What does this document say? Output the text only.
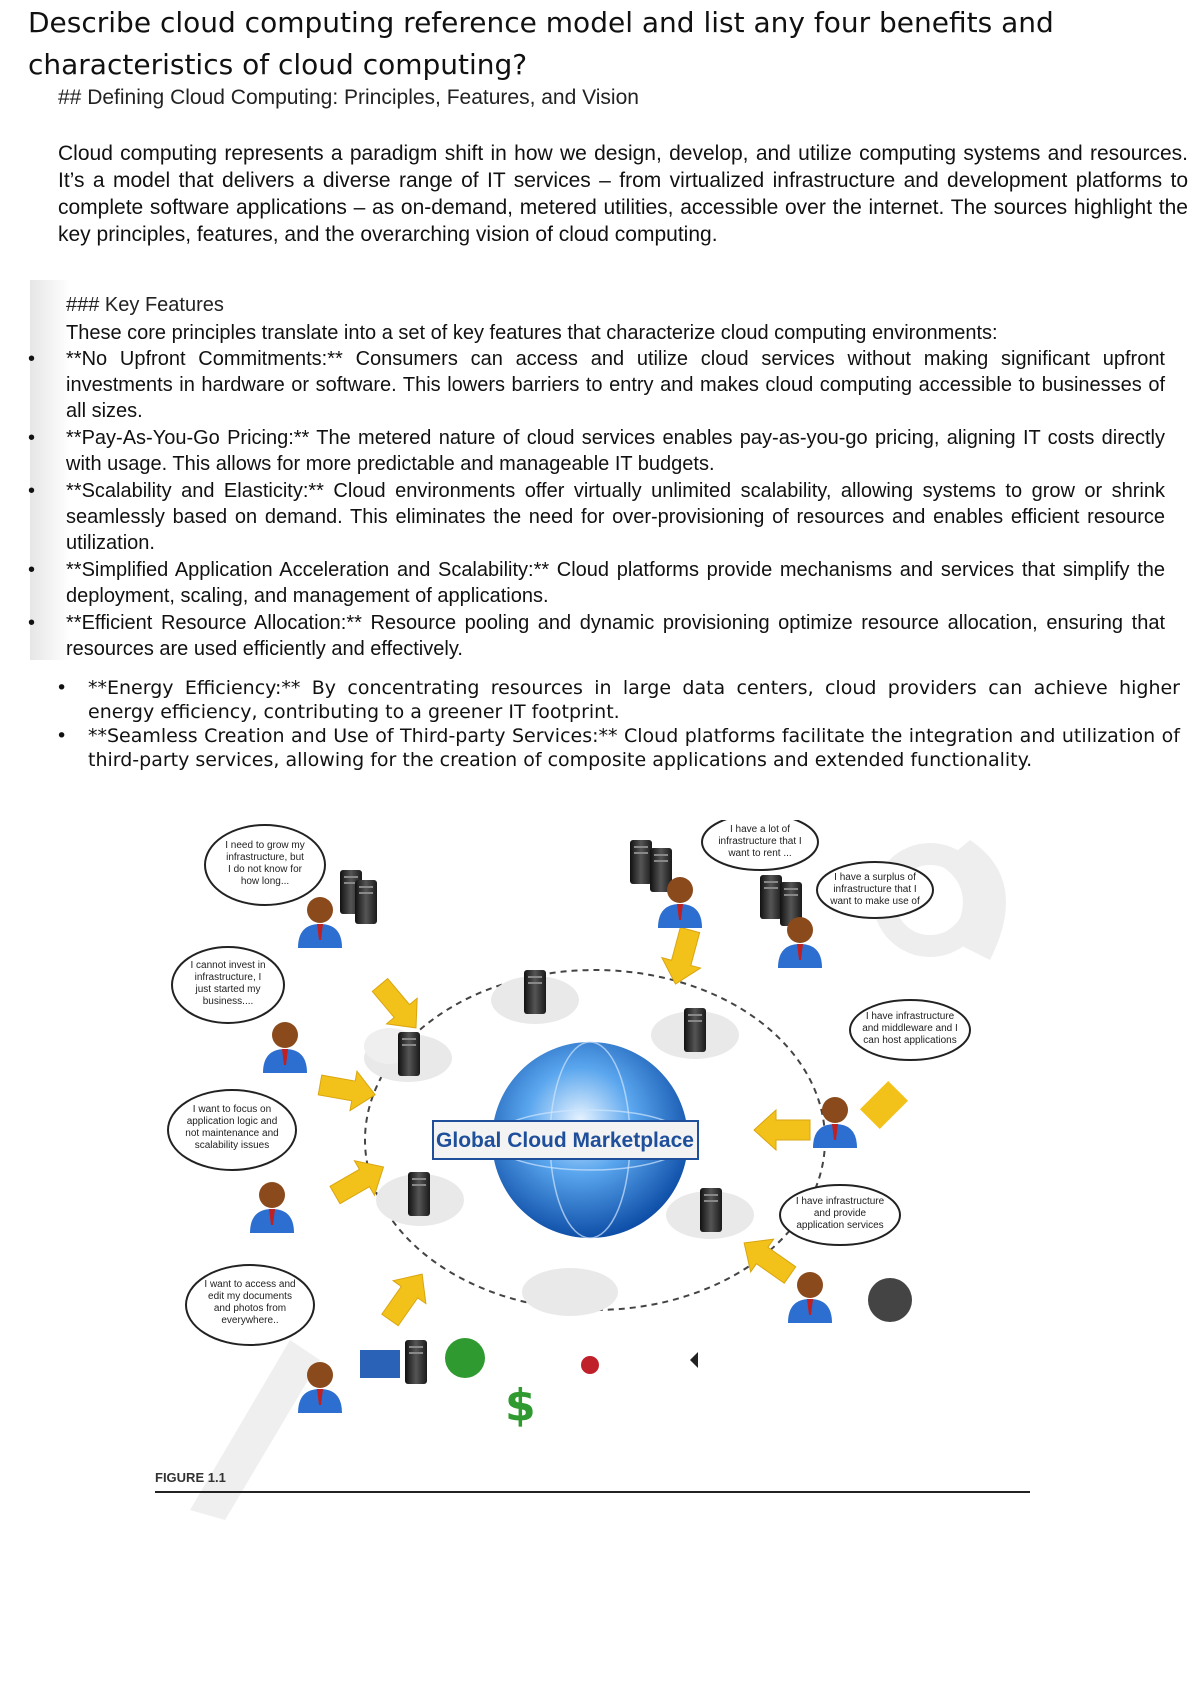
Describe cloud computing reference model and list any four benefits and characteristics of cloud computing?
## Defining Cloud Computing: Principles, Features, and Vision
Cloud computing represents a paradigm shift in how we design, develop, and utilize computing systems and resources. It’s a model that delivers a diverse range of IT services – from virtualized infrastructure and development platforms to complete software applications – as on-demand, metered utilities, accessible over the internet. The sources highlight the key principles, features, and the overarching vision of cloud computing.
### Key Features
These core principles translate into a set of key features that characterize cloud computing environments:
• **No Upfront Commitments:** Consumers can access and utilize cloud services without making significant upfront investments in hardware or software. This lowers barriers to entry and makes cloud computing accessible to businesses of all sizes.
• **Pay-As-You-Go Pricing:** The metered nature of cloud services enables pay-as-you-go pricing, aligning IT costs directly with usage. This allows for more predictable and manageable IT budgets.
• **Scalability and Elasticity:** Cloud environments offer virtually unlimited scalability, allowing systems to grow or shrink seamlessly based on demand. This eliminates the need for over-provisioning of resources and enables efficient resource utilization.
• **Simplified Application Acceleration and Scalability:** Cloud platforms provide mechanisms and services that simplify the deployment, scaling, and management of applications.
• **Efficient Resource Allocation:** Resource pooling and dynamic provisioning optimize resource allocation, ensuring that resources are used efficiently and effectively.
• **Energy Efficiency:** By concentrating resources in large data centers, cloud providers can achieve higher energy efficiency, contributing to a greener IT footprint.
• **Seamless Creation and Use of Third-party Services:** Cloud platforms facilitate the integration and utilization of third-party services, allowing for the creation of composite applications and extended functionality.
Global Cloud Marketplace
$
I need to grow my infrastructure, but I do not know for how long...
I cannot invest in infrastructure, I just started my business....
I want to focus on application logic and not maintenance and scalability issues
I want to access and edit my documents and photos from everywhere..
I have a lot of infrastructure that I want to rent ...
I have a surplus of infrastructure that I want to make use of
I have infrastructure and middleware and I can host applications
I have infrastructure and provide application services
FIGURE 1.1
